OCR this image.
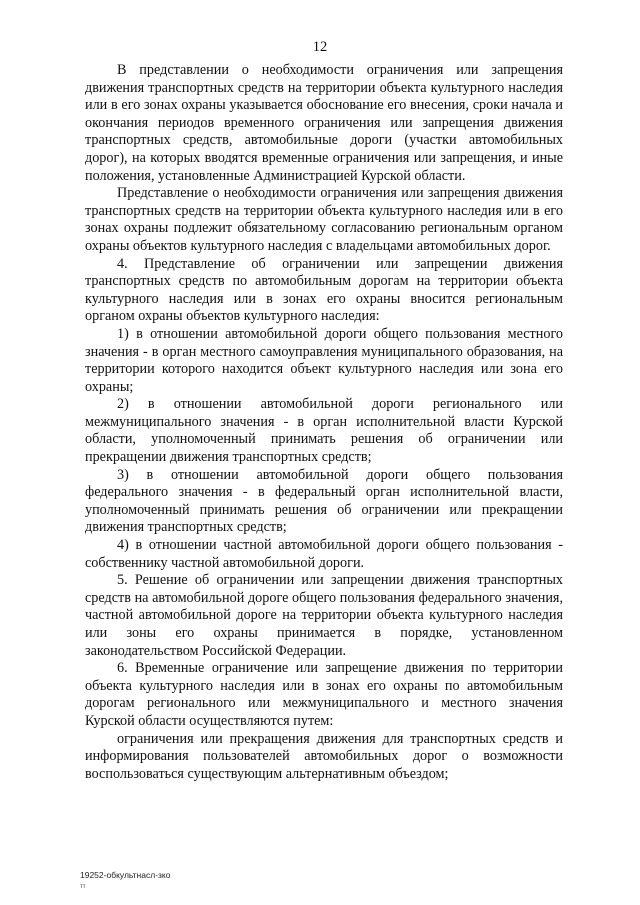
12

В представлении о необходимости ограничения или запрещения движения транспортных средств на территории объекта культурного наследия или в его зонах охраны указывается обоснование его внесения, сроки начала и окончания периодов временного ограничения или запрещения движения транспортных средств, автомобильные дороги (участки автомобильных дорог), на которых вводятся временные ограничения или запрещения, и иные положения, установленные Администрацией Курской области.

Представление о необходимости ограничения или запрещения движения транспортных средств на территории объекта культурного наследия или в его зонах охраны подлежит обязательному согласованию региональным органом охраны объектов культурного наследия с владельцами автомобильных дорог.

4. Представление об ограничении или запрещении движения транспортных средств по автомобильным дорогам на территории объекта культурного наследия или в зонах его охраны вносится региональным органом охраны объектов культурного наследия:

1) в отношении автомобильной дороги общего пользования местного значения - в орган местного самоуправления муниципального образования, на территории которого находится объект культурного наследия или зона его охраны;

2) в отношении автомобильной дороги регионального или межмуниципального значения - в орган исполнительной власти Курской области, уполномоченный принимать решения об ограничении или прекращении движения транспортных средств;

3) в отношении автомобильной дороги общего пользования федерального значения - в федеральный орган исполнительной власти, уполномоченный принимать решения об ограничении или прекращении движения транспортных средств;

4) в отношении частной автомобильной дороги общего пользования - собственнику частной автомобильной дороги.

5. Решение об ограничении или запрещении движения транспортных средств на автомобильной дороге общего пользования федерального значения, частной автомобильной дороге на территории объекта культурного наследия или зоны его охраны принимается в порядке, установленном законодательством Российской Федерации.

6. Временные ограничение или запрещение движения по территории объекта культурного наследия или в зонах его охраны по автомобильным дорогам регионального или межмуниципального и местного значения Курской области осуществляются путем:

ограничения или прекращения движения для транспортных средств и информирования пользователей автомобильных дорог о возможности воспользоваться существующим альтернативным объездом;

19252-обкультнасл-зко
тт
